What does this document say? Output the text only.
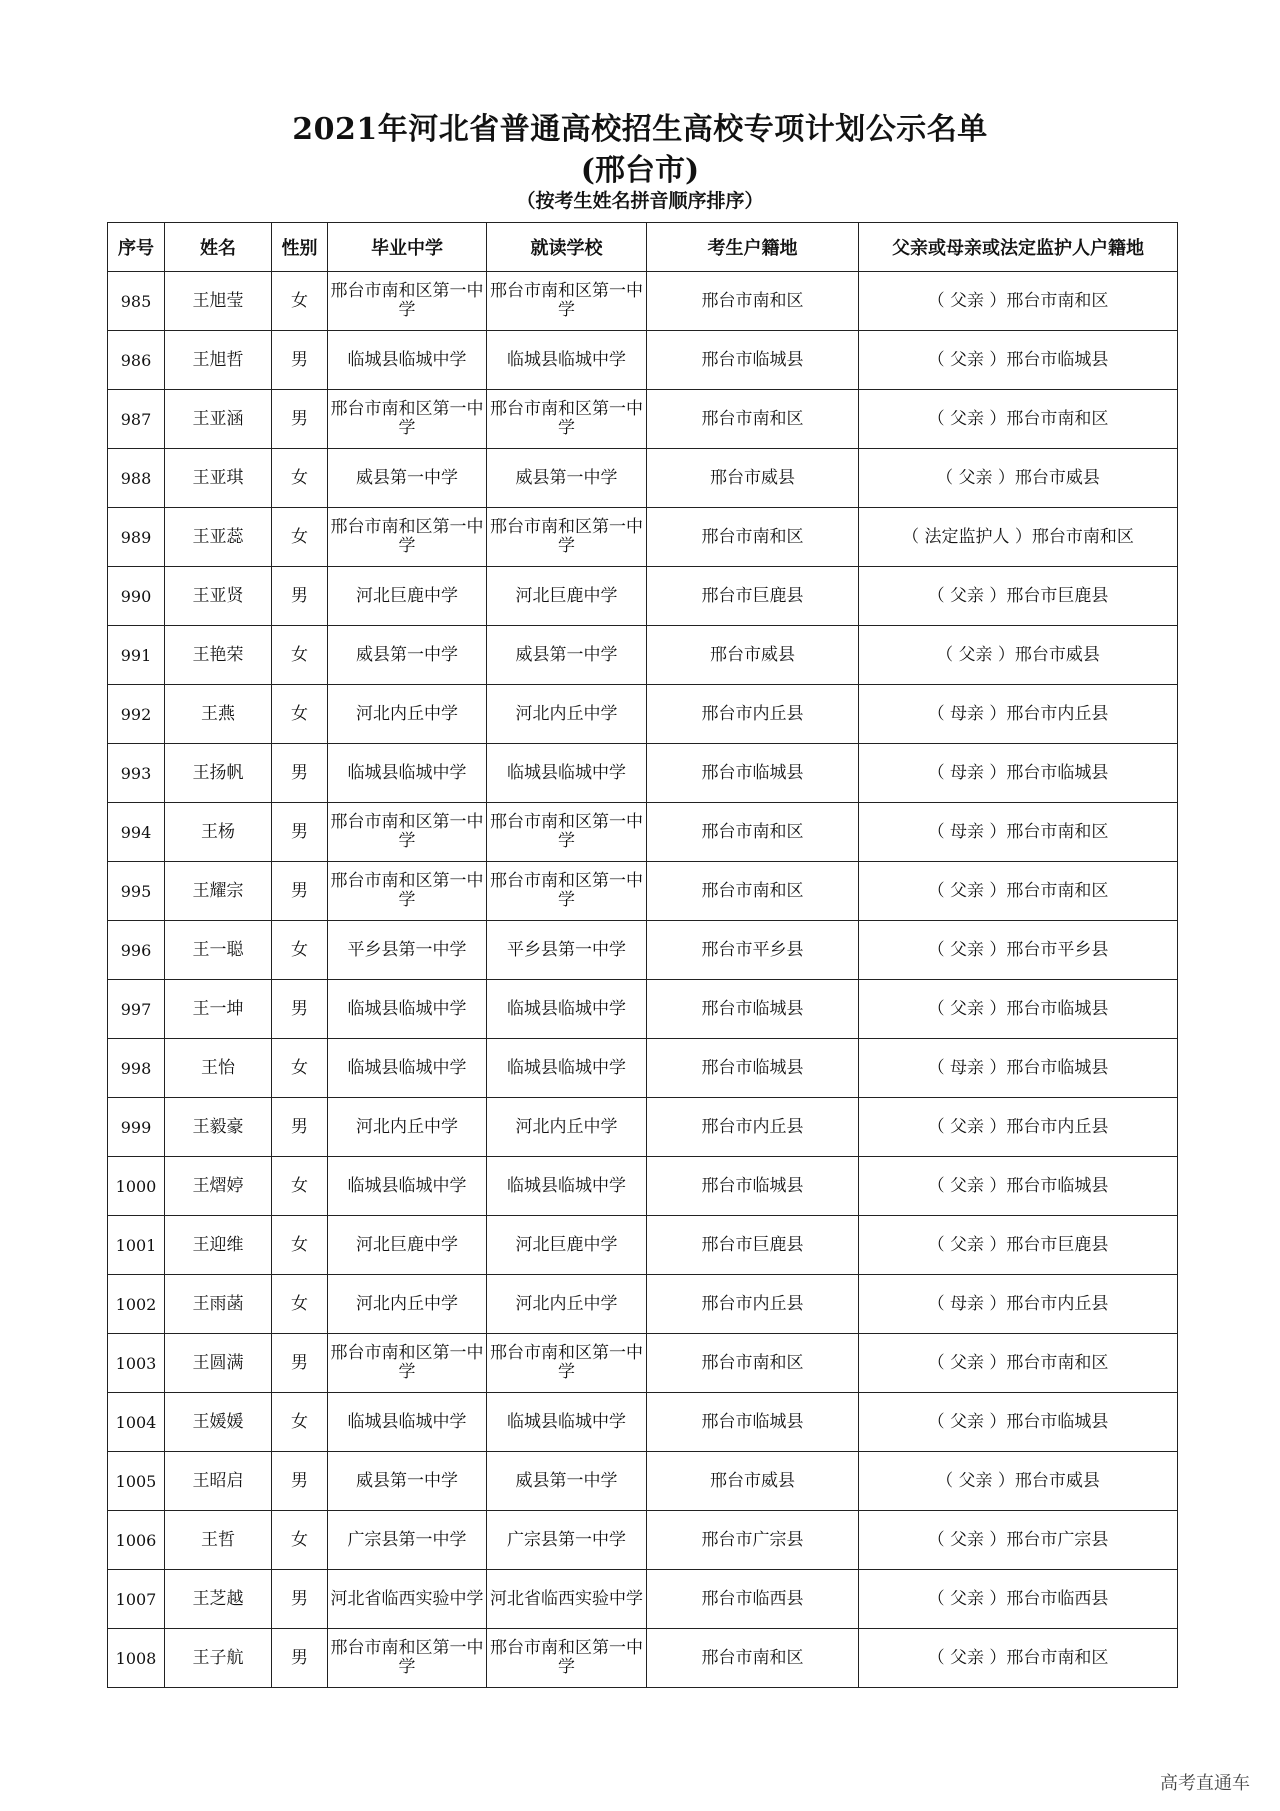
2021年河北省普通高校招生高校专项计划公示名单
(邢台市)
（按考生姓名拼音顺序排序）
序号	姓名	性别	毕业中学	就读学校	考生户籍地	父亲或母亲或法定监护人户籍地
985	王旭莹	女	邢台市南和区第一中学	邢台市南和区第一中学	邢台市南和区	（ 父亲 ）邢台市南和区
986	王旭哲	男	临城县临城中学	临城县临城中学	邢台市临城县	（ 父亲 ）邢台市临城县
987	王亚涵	男	邢台市南和区第一中学	邢台市南和区第一中学	邢台市南和区	（ 父亲 ）邢台市南和区
988	王亚琪	女	威县第一中学	威县第一中学	邢台市威县	（ 父亲 ）邢台市威县
989	王亚蕊	女	邢台市南和区第一中学	邢台市南和区第一中学	邢台市南和区	（ 法定监护人 ）邢台市南和区
990	王亚贤	男	河北巨鹿中学	河北巨鹿中学	邢台市巨鹿县	（ 父亲 ）邢台市巨鹿县
991	王艳荣	女	威县第一中学	威县第一中学	邢台市威县	（ 父亲 ）邢台市威县
992	王燕	女	河北内丘中学	河北内丘中学	邢台市内丘县	（ 母亲 ）邢台市内丘县
993	王扬帆	男	临城县临城中学	临城县临城中学	邢台市临城县	（ 母亲 ）邢台市临城县
994	王杨	男	邢台市南和区第一中学	邢台市南和区第一中学	邢台市南和区	（ 母亲 ）邢台市南和区
995	王耀宗	男	邢台市南和区第一中学	邢台市南和区第一中学	邢台市南和区	（ 父亲 ）邢台市南和区
996	王一聪	女	平乡县第一中学	平乡县第一中学	邢台市平乡县	（ 父亲 ）邢台市平乡县
997	王一坤	男	临城县临城中学	临城县临城中学	邢台市临城县	（ 父亲 ）邢台市临城县
998	王怡	女	临城县临城中学	临城县临城中学	邢台市临城县	（ 母亲 ）邢台市临城县
999	王毅豪	男	河北内丘中学	河北内丘中学	邢台市内丘县	（ 父亲 ）邢台市内丘县
1000	王熠婷	女	临城县临城中学	临城县临城中学	邢台市临城县	（ 父亲 ）邢台市临城县
1001	王迎维	女	河北巨鹿中学	河北巨鹿中学	邢台市巨鹿县	（ 父亲 ）邢台市巨鹿县
1002	王雨菡	女	河北内丘中学	河北内丘中学	邢台市内丘县	（ 母亲 ）邢台市内丘县
1003	王圆满	男	邢台市南和区第一中学	邢台市南和区第一中学	邢台市南和区	（ 父亲 ）邢台市南和区
1004	王媛媛	女	临城县临城中学	临城县临城中学	邢台市临城县	（ 父亲 ）邢台市临城县
1005	王昭启	男	威县第一中学	威县第一中学	邢台市威县	（ 父亲 ）邢台市威县
1006	王哲	女	广宗县第一中学	广宗县第一中学	邢台市广宗县	（ 父亲 ）邢台市广宗县
1007	王芝越	男	河北省临西实验中学	河北省临西实验中学	邢台市临西县	（ 父亲 ）邢台市临西县
1008	王子航	男	邢台市南和区第一中学	邢台市南和区第一中学	邢台市南和区	（ 父亲 ）邢台市南和区
高考直通车
